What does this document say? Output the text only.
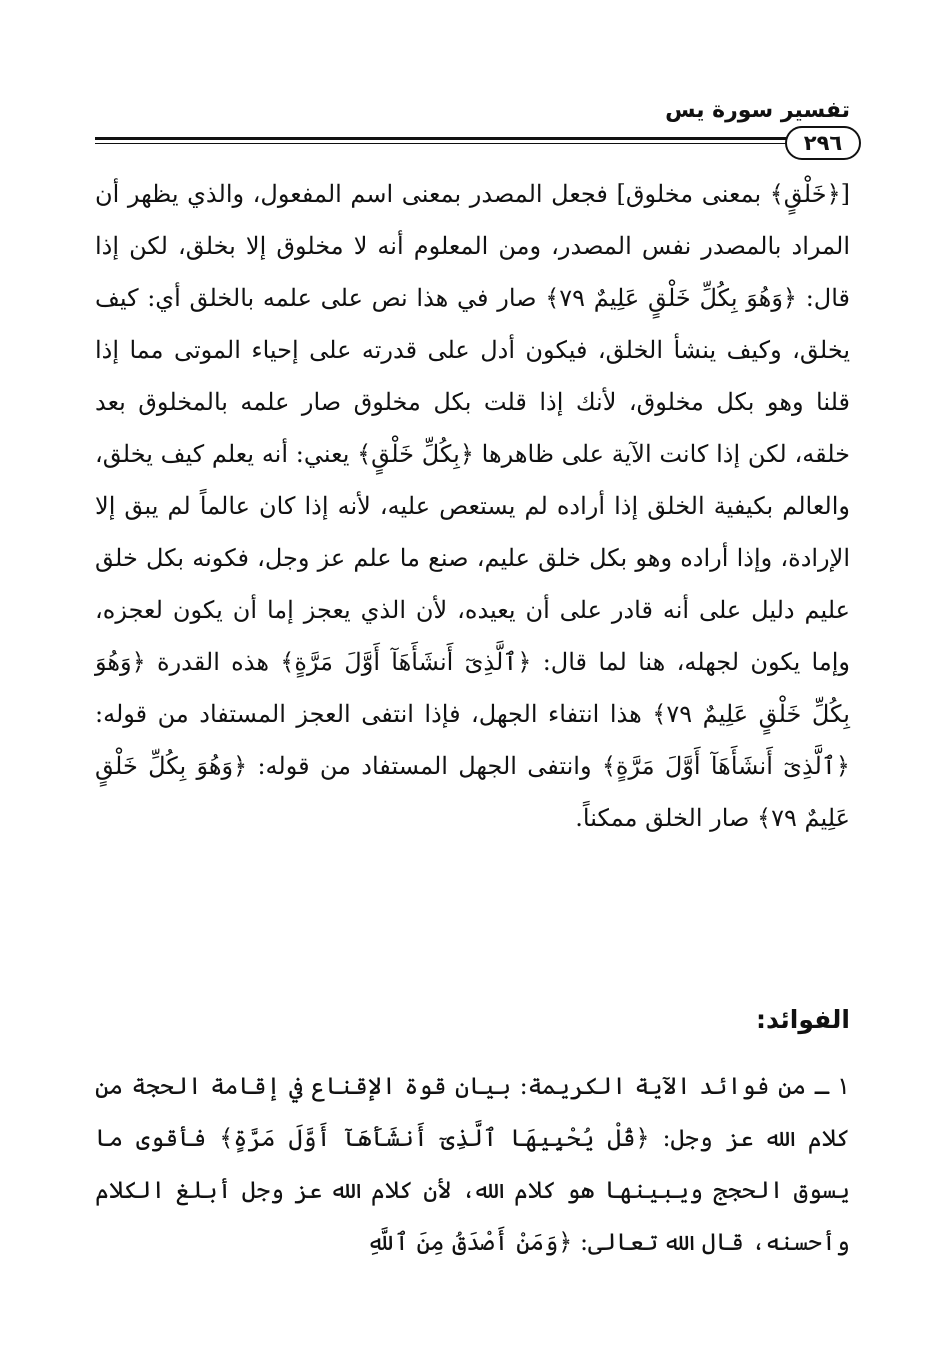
تفسير سورة يس
٢٩٦

[﴿خَلْقٍ﴾ بمعنى مخلوق] فجعل المصدر بمعنى اسم المفعول، والذي يظهر أن المراد بالمصدر نفس المصدر، ومن المعلوم أنه لا مخلوق إلا بخلق، لكن إذا قال: ﴿وَهُوَ بِكُلِّ خَلْقٍ عَلِيمٌ ٧٩﴾ صار في هذا نص على علمه بالخلق أي: كيف يخلق، وكيف ينشأ الخلق، فيكون أدل على قدرته على إحياء الموتى مما إذا قلنا وهو بكل مخلوق، لأنك إذا قلت بكل مخلوق صار علمه بالمخلوق بعد خلقه، لكن إذا كانت الآية على ظاهرها ﴿بِكُلِّ خَلْقٍ﴾ يعني: أنه يعلم كيف يخلق، والعالم بكيفية الخلق إذا أراده لم يستعص عليه، لأنه إذا كان عالماً لم يبق إلا الإرادة، وإذا أراده وهو بكل خلق عليم، صنع ما علم عز وجل، فكونه بكل خلق عليم دليل على أنه قادر على أن يعيده، لأن الذي يعجز إما أن يكون لعجزه، وإما يكون لجهله، هنا لما قال: ﴿ٱلَّذِىٓ أَنشَأَهَآ أَوَّلَ مَرَّةٍ﴾ هذه القدرة ﴿وَهُوَ بِكُلِّ خَلْقٍ عَلِيمٌ ٧٩﴾ هذا انتفاء الجهل، فإذا انتفى العجز المستفاد من قوله: ﴿ٱلَّذِىٓ أَنشَأَهَآ أَوَّلَ مَرَّةٍ﴾ وانتفى الجهل المستفاد من قوله: ﴿وَهُوَ بِكُلِّ خَلْقٍ عَلِيمٌ ٧٩﴾ صار الخلق ممكناً.

الفوائد:

١ ـ من فوائد الآية الكريمة: بيان قوة الإقناع في إقامة الحجة من كلام الله عز وجل: ﴿قُلْ يُحْيِيهَا ٱلَّذِىٓ أَنشَأَهَآ أَوَّلَ مَرَّةٍ﴾ فأقوى ما يسوق الحجج ويبينها هو كلام الله، لأن كلام الله عز وجل أبلغ الكلام وأحسنه، قال الله تعالى: ﴿وَمَنْ أَصْدَقُ مِنَ ٱللَّهِ
